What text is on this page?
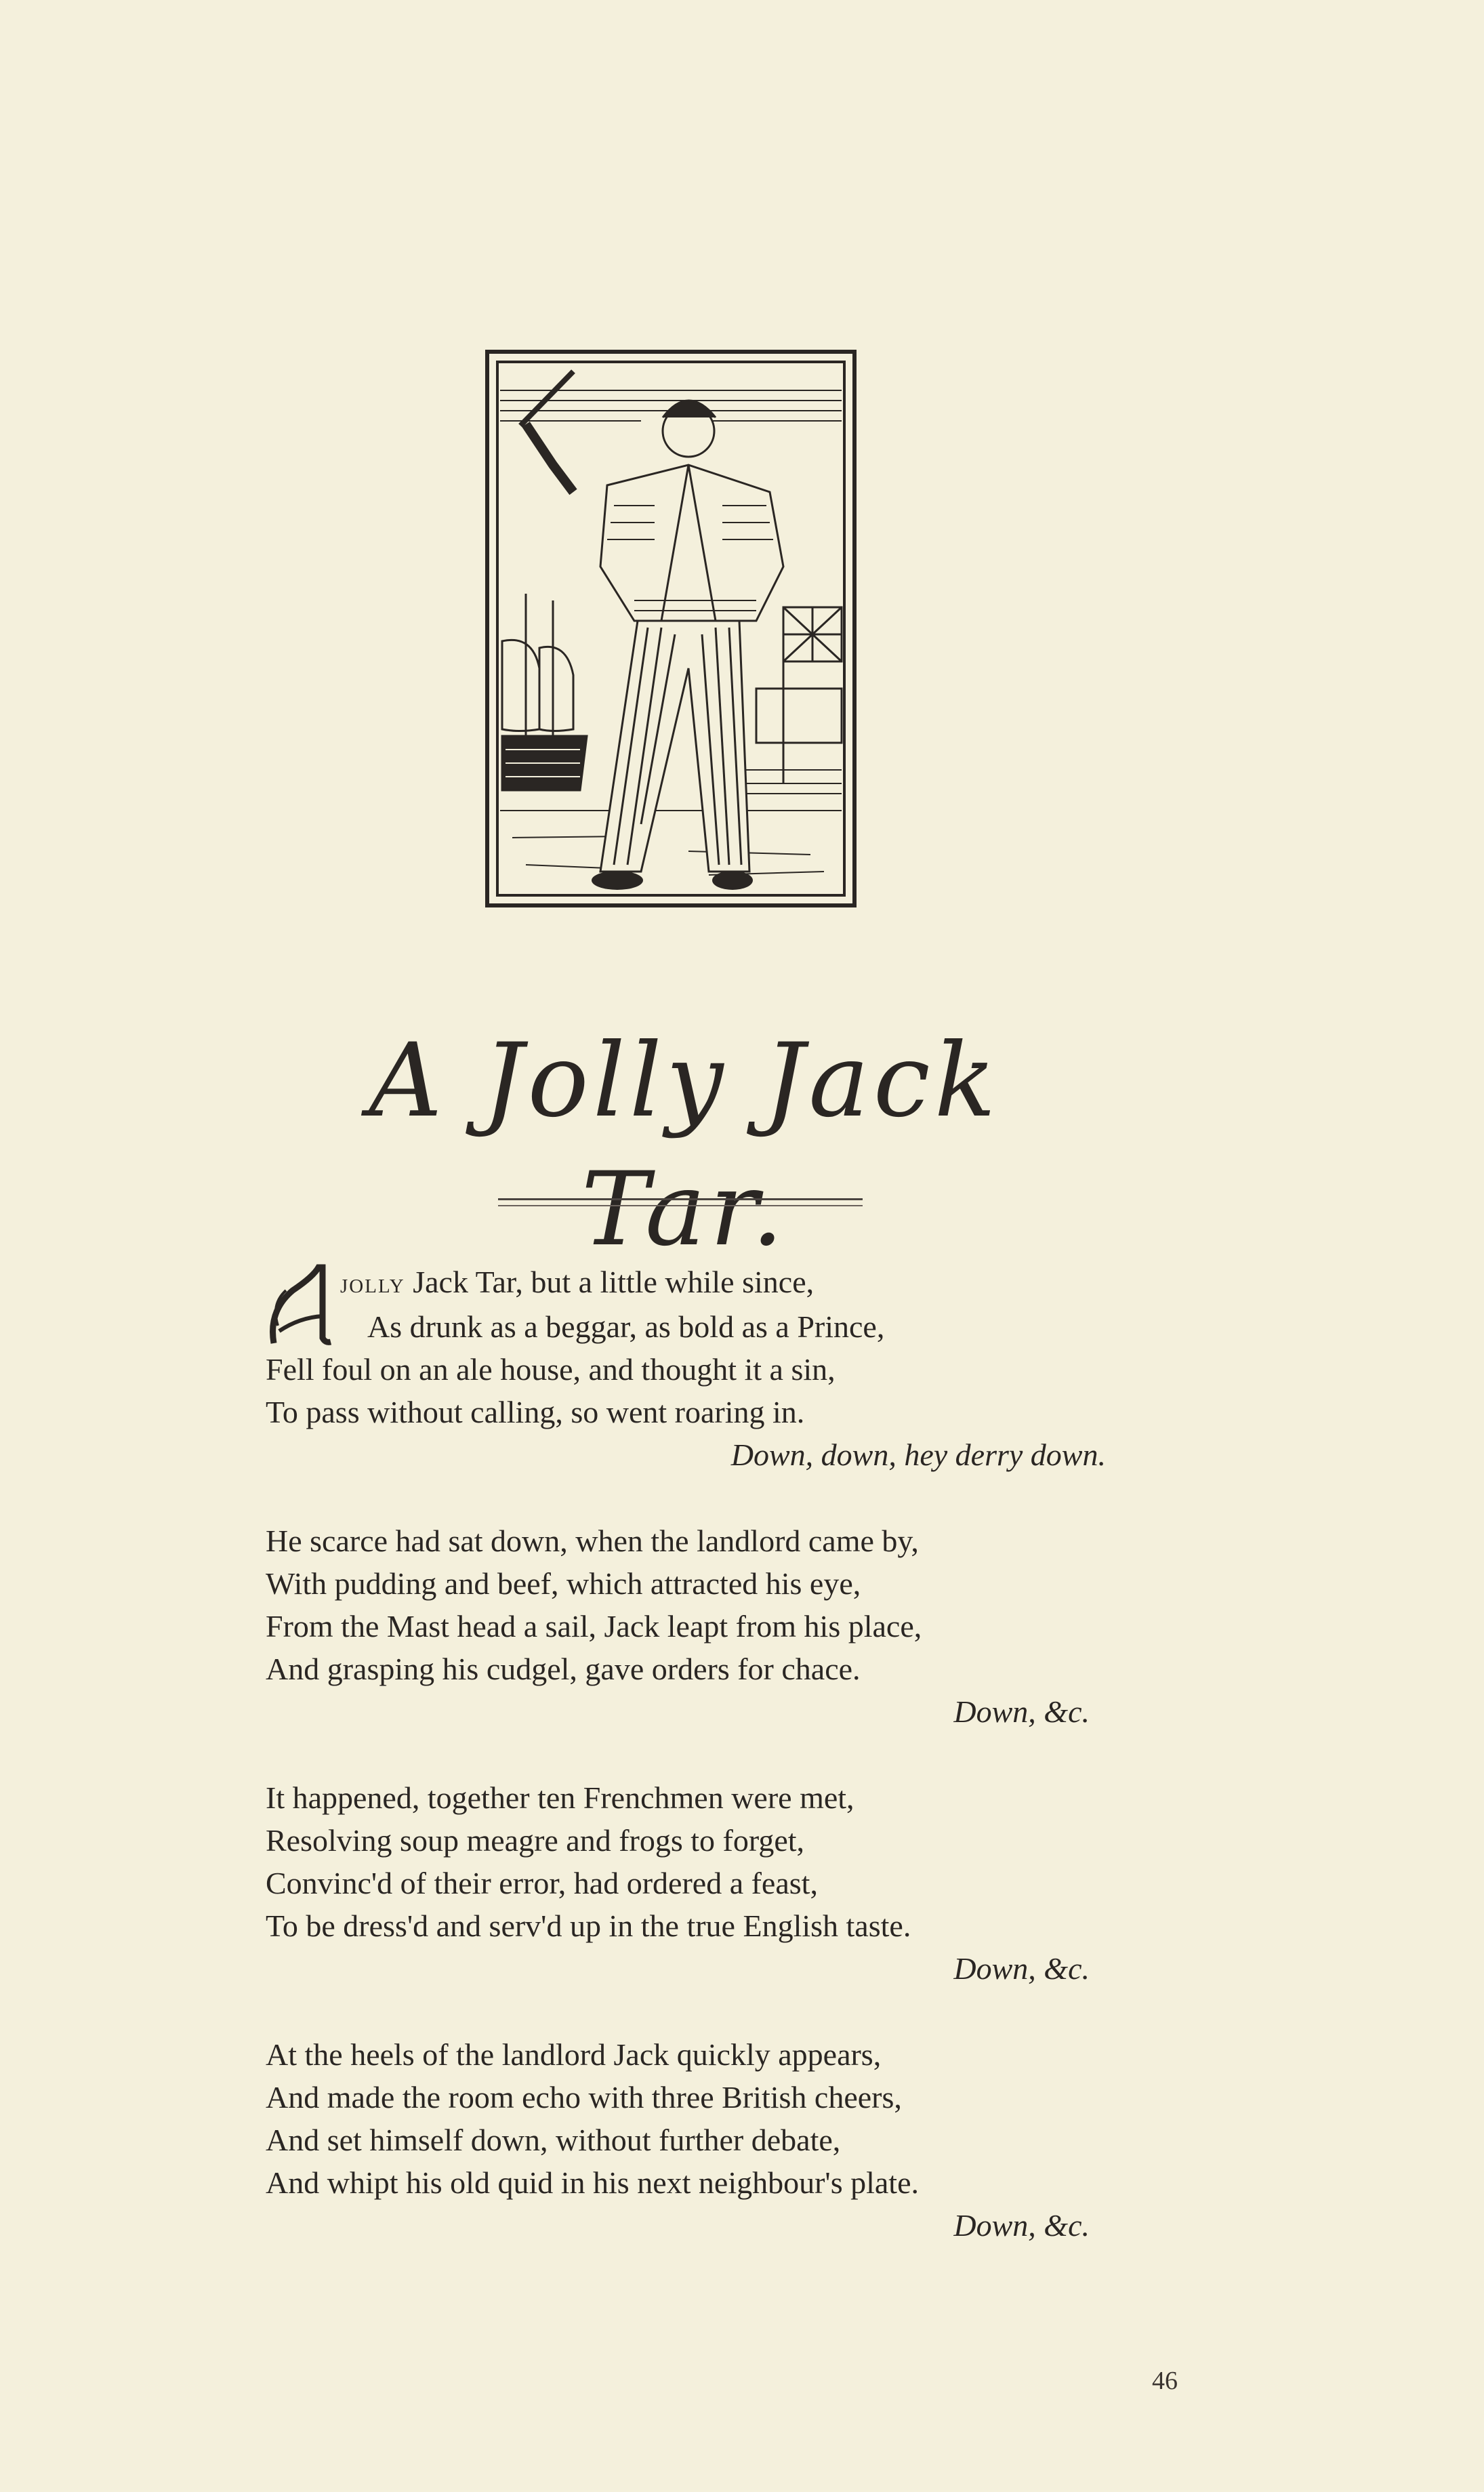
A Jolly Jack Tar.
A
jolly Jack Tar, but a little while since,
As drunk as a beggar, as bold as a Prince,
Fell foul on an ale house, and thought it a sin,
To pass without calling, so went roaring in.
Down, down, hey derry down.
He scarce had sat down, when the landlord came by,
With pudding and beef, which attracted his eye,
From the Mast head a sail, Jack leapt from his place,
And grasping his cudgel, gave orders for chace.
Down, &c.
It happened, together ten Frenchmen were met,
Resolving soup meagre and frogs to forget,
Convinc'd of their error, had ordered a feast,
To be dress'd and serv'd up in the true English taste.
Down, &c.
At the heels of the landlord Jack quickly appears,
And made the room echo with three British cheers,
And set himself down, without further debate,
And whipt his old quid in his next neighbour's plate.
Down, &c.
46
